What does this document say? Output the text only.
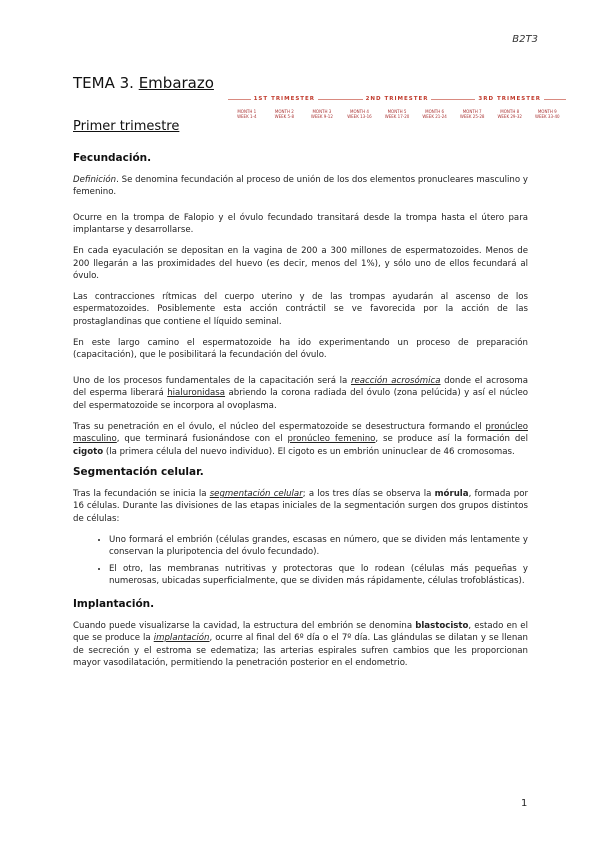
B2T3
TEMA 3. Embarazo
1ST TRIMESTER	2ND TRIMESTER	3RD TRIMESTER
MONTH 1
WEEK 1-4
MONTH 2
WEEK 5-8
MONTH 3
WEEK 9-12
MONTH 4
WEEK 13-16
MONTH 5
WEEK 17-20
MONTH 6
WEEK 21-24
MONTH 7
WEEK 25-28
MONTH 8
WEEK 29-32
MONTH 9
WEEK 33-40
Primer trimestre
Fecundación.

Definición. Se denomina fecundación al proceso de unión de los dos elementos pronucleares masculino y femenino.

Ocurre en la trompa de Falopio y el óvulo fecundado transitará desde la trompa hasta el útero para implantarse y desarrollarse.

En cada eyaculación se depositan en la vagina de 200 a 300 millones de espermatozoides. Menos de 200 llegarán a las proximidades del huevo (es decir, menos del 1%), y sólo uno de ellos fecundará al óvulo.

Las contracciones rítmicas del cuerpo uterino y de las trompas ayudarán al ascenso de los espermatozoides. Posiblemente esta acción contráctil se ve favorecida por la acción de las prostaglandinas que contiene el líquido seminal.

En este largo camino el espermatozoide ha ido experimentando un proceso de preparación (capacitación), que le posibilitará la fecundación del óvulo.

Uno de los procesos fundamentales de la capacitación será la reacción acrosómica donde el acrosoma del esperma liberará hialuronidasa abriendo la corona radiada del óvulo (zona pelúcida) y así el núcleo del espermatozoide se incorpora al ovoplasma.

Tras su penetración en el óvulo, el núcleo del espermatozoide se desestructura formando el pronúcleo masculino, que terminará fusionándose con el pronúcleo femenino, se produce así la formación del cigoto (la primera célula del nuevo individuo). El cigoto es un embrión uninuclear de 46 cromosomas.

Segmentación celular.

Tras la fecundación se inicia la segmentación celular; a los tres días se observa la mórula, formada por 16 células. Durante las divisiones de las etapas iniciales de la segmentación surgen dos grupos distintos de células:

• Uno formará el embrión (células grandes, escasas en número, que se dividen más lentamente y conservan la pluripotencia del óvulo fecundado).
• El otro, las membranas nutritivas y protectoras que lo rodean (células más pequeñas y numerosas, ubicadas superficialmente, que se dividen más rápidamente, células trofoblásticas).
Implantación.

Cuando puede visualizarse la cavidad, la estructura del embrión se denomina blastocisto, estado en el que se produce la implantación, ocurre al final del 6º día o el 7º día. Las glándulas se dilatan y se llenan de secreción y el estroma se edematiza; las arterias espirales sufren cambios que les proporcionan mayor vasodilatación, permitiendo la penetración posterior en el endometrio.

1
